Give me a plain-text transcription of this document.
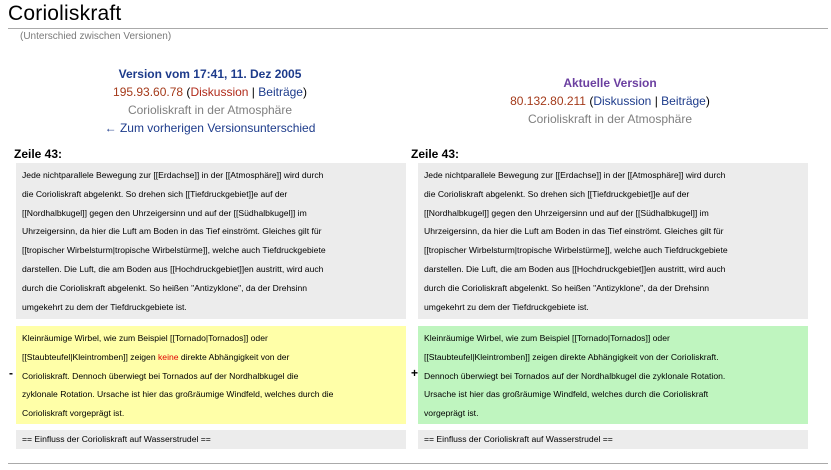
Corioliskraft
(Unterschied zwischen Versionen)
Version vom 17:41, 11. Dez 2005
195.93.60.78 (Diskussion | Beiträge)
Corioliskraft in der Atmosphäre
← Zum vorherigen Versionsunterschied
Aktuelle Version
80.132.80.211 (Diskussion | Beiträge)
Corioliskraft in der Atmosphäre
Zeile 43:	Zeile 43:
Jede nichtparallele Bewegung zur [[Erdachse]] in der [[Atmosphäre]] wird durch
die Corioliskraft abgelenkt. So drehen sich [[Tiefdruckgebiet]]e auf der
[[Nordhalbkugel]] gegen den Uhrzeigersinn und auf der [[Südhalbkugel]] im
Uhrzeigersinn, da hier die Luft am Boden in das Tief einströmt. Gleiches gilt für
[[tropischer Wirbelsturm|tropische Wirbelstürme]], welche auch Tiefdruckgebiete
darstellen. Die Luft, die am Boden aus [[Hochdruckgebiet]]en austritt, wird auch
durch die Corioliskraft abgelenkt. So heißen "Antizyklone", da der Drehsinn
umgekehrt zu dem der Tiefdruckgebiete ist.
Jede nichtparallele Bewegung zur [[Erdachse]] in der [[Atmosphäre]] wird durch
die Corioliskraft abgelenkt. So drehen sich [[Tiefdruckgebiet]]e auf der
[[Nordhalbkugel]] gegen den Uhrzeigersinn und auf der [[Südhalbkugel]] im
Uhrzeigersinn, da hier die Luft am Boden in das Tief einströmt. Gleiches gilt für
[[tropischer Wirbelsturm|tropische Wirbelstürme]], welche auch Tiefdruckgebiete
darstellen. Die Luft, die am Boden aus [[Hochdruckgebiet]]en austritt, wird auch
durch die Corioliskraft abgelenkt. So heißen "Antizyklone", da der Drehsinn
umgekehrt zu dem der Tiefdruckgebiete ist.
-	+
Kleinräumige Wirbel, wie zum Beispiel [[Tornado|Tornados]] oder
[[Staubteufel|Kleintromben]] zeigen keine direkte Abhängigkeit von der
Corioliskraft. Dennoch überwiegt bei Tornados auf der Nordhalbkugel die
zyklonale Rotation. Ursache ist hier das großräumige Windfeld, welches durch die
Corioliskraft vorgeprägt ist.
Kleinräumige Wirbel, wie zum Beispiel [[Tornado|Tornados]] oder
[[Staubteufel|Kleintromben]] zeigen direkte Abhängigkeit von der Corioliskraft.
Dennoch überwiegt bei Tornados auf der Nordhalbkugel die zyklonale Rotation.
Ursache ist hier das großräumige Windfeld, welches durch die Corioliskraft
vorgeprägt ist.
== Einfluss der Corioliskraft auf Wasserstrudel ==	== Einfluss der Corioliskraft auf Wasserstrudel ==
